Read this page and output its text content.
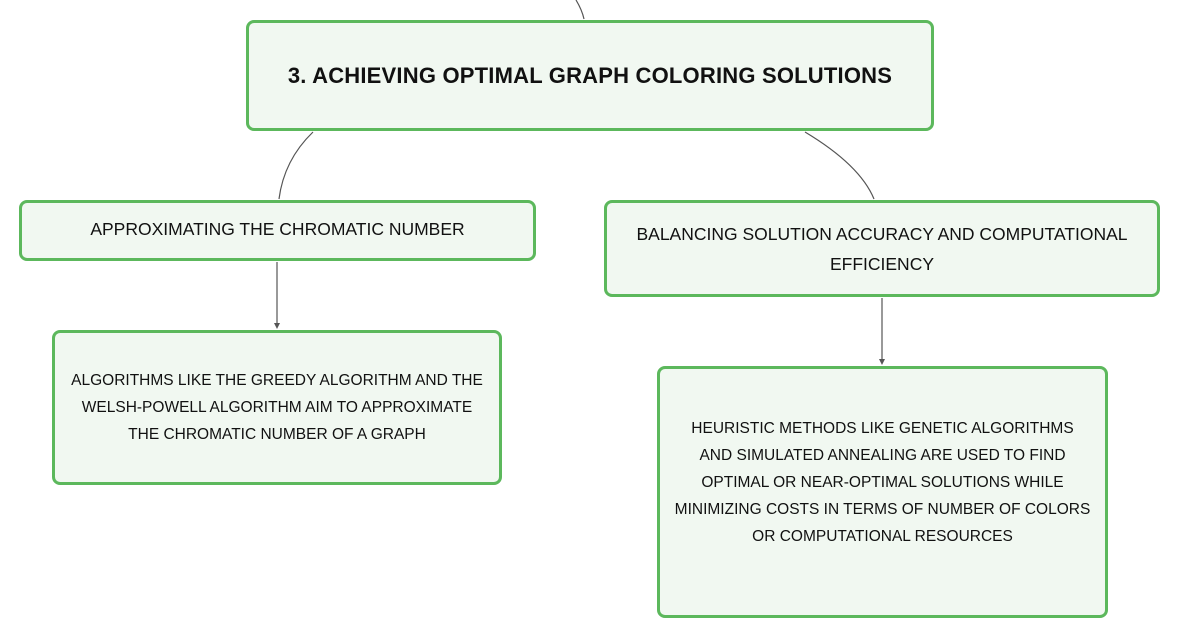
3. ACHIEVING OPTIMAL GRAPH COLORING SOLUTIONS
APPROXIMATING THE CHROMATIC NUMBER	BALANCING SOLUTION ACCURACY AND COMPUTATIONAL EFFICIENCY
ALGORITHMS LIKE THE GREEDY ALGORITHM AND THE WELSH-POWELL ALGORITHM AIM TO APPROXIMATE THE CHROMATIC NUMBER OF A GRAPH	HEURISTIC METHODS LIKE GENETIC ALGORITHMS AND SIMULATED ANNEALING ARE USED TO FIND OPTIMAL OR NEAR-OPTIMAL SOLUTIONS WHILE MINIMIZING COSTS IN TERMS OF NUMBER OF COLORS OR COMPUTATIONAL RESOURCES
